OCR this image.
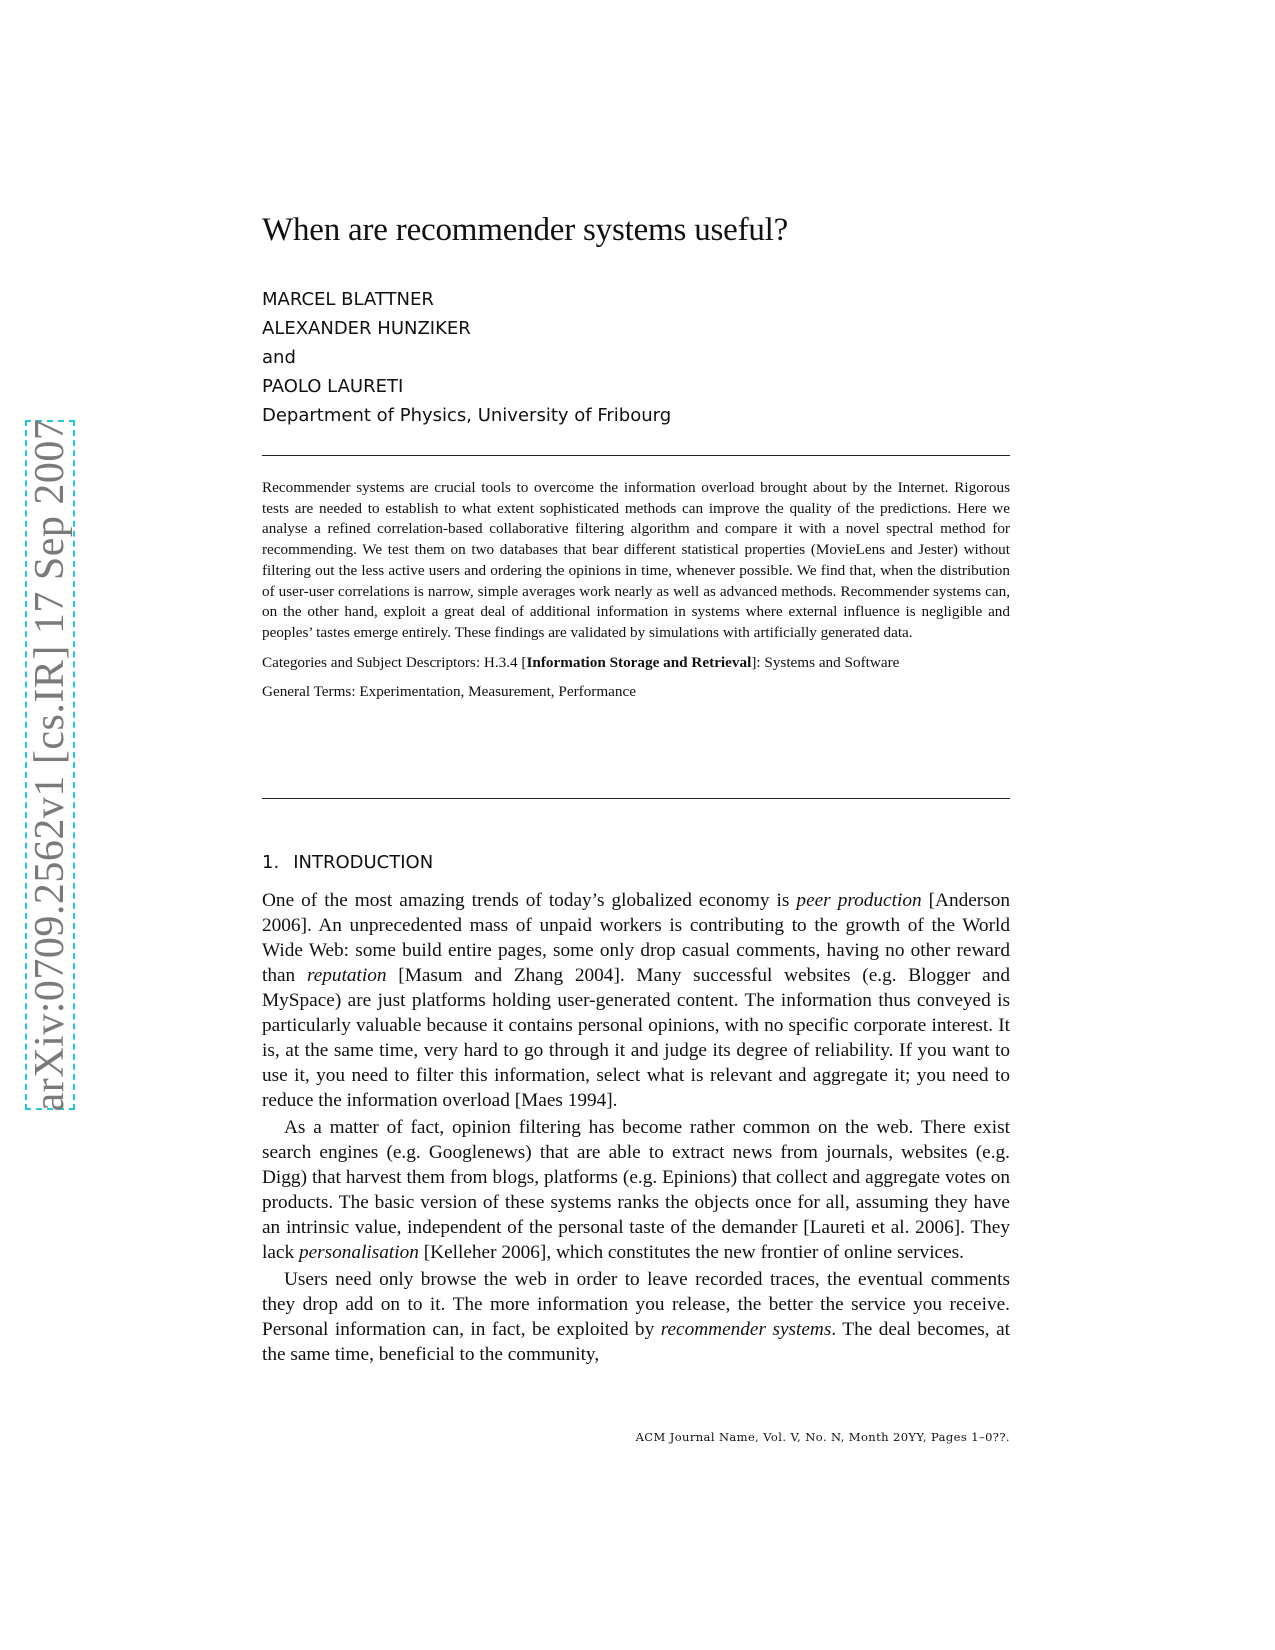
arXiv:0709.2562v1 [cs.IR] 17 Sep 2007
When are recommender systems useful?
MARCEL BLATTNER
ALEXANDER HUNZIKER
and
PAOLO LAURETI
Department of Physics, University of Fribourg

Recommender systems are crucial tools to overcome the information overload brought about by the Internet. Rigorous tests are needed to establish to what extent sophisticated methods can improve the quality of the predictions. Here we analyse a refined correlation-based collaborative filtering algorithm and compare it with a novel spectral method for recommending. We test them on two databases that bear different statistical properties (MovieLens and Jester) without filtering out the less active users and ordering the opinions in time, whenever possible. We find that, when the distribution of user-user correlations is narrow, simple averages work nearly as well as advanced methods. Recommender systems can, on the other hand, exploit a great deal of additional information in systems where external influence is negligible and peoples’ tastes emerge entirely. These findings are validated by simulations with artificially generated data.

Categories and Subject Descriptors: H.3.4 [Information Storage and Retrieval]: Systems and Software

General Terms: Experimentation, Measurement, Performance

1. INTRODUCTION

One of the most amazing trends of today’s globalized economy is peer production [Anderson 2006]. An unprecedented mass of unpaid workers is contributing to the growth of the World Wide Web: some build entire pages, some only drop casual comments, having no other reward than reputation [Masum and Zhang 2004]. Many successful websites (e.g. Blogger and MySpace) are just platforms holding user-generated content. The information thus conveyed is particularly valuable because it contains personal opinions, with no specific corporate interest. It is, at the same time, very hard to go through it and judge its degree of reliability. If you want to use it, you need to filter this information, select what is relevant and aggregate it; you need to reduce the information overload [Maes 1994].

As a matter of fact, opinion filtering has become rather common on the web. There exist search engines (e.g. Googlenews) that are able to extract news from journals, websites (e.g. Digg) that harvest them from blogs, platforms (e.g. Epinions) that collect and aggregate votes on products. The basic version of these systems ranks the objects once for all, assuming they have an intrinsic value, independent of the personal taste of the demander [Laureti et al. 2006]. They lack personalisation [Kelleher 2006], which constitutes the new frontier of online services.

Users need only browse the web in order to leave recorded traces, the eventual comments they drop add on to it. The more information you release, the better the service you receive. Personal information can, in fact, be exploited by recommender systems. The deal becomes, at the same time, beneficial to the community,

ACM Journal Name, Vol. V, No. N, Month 20YY, Pages 1–0??.
